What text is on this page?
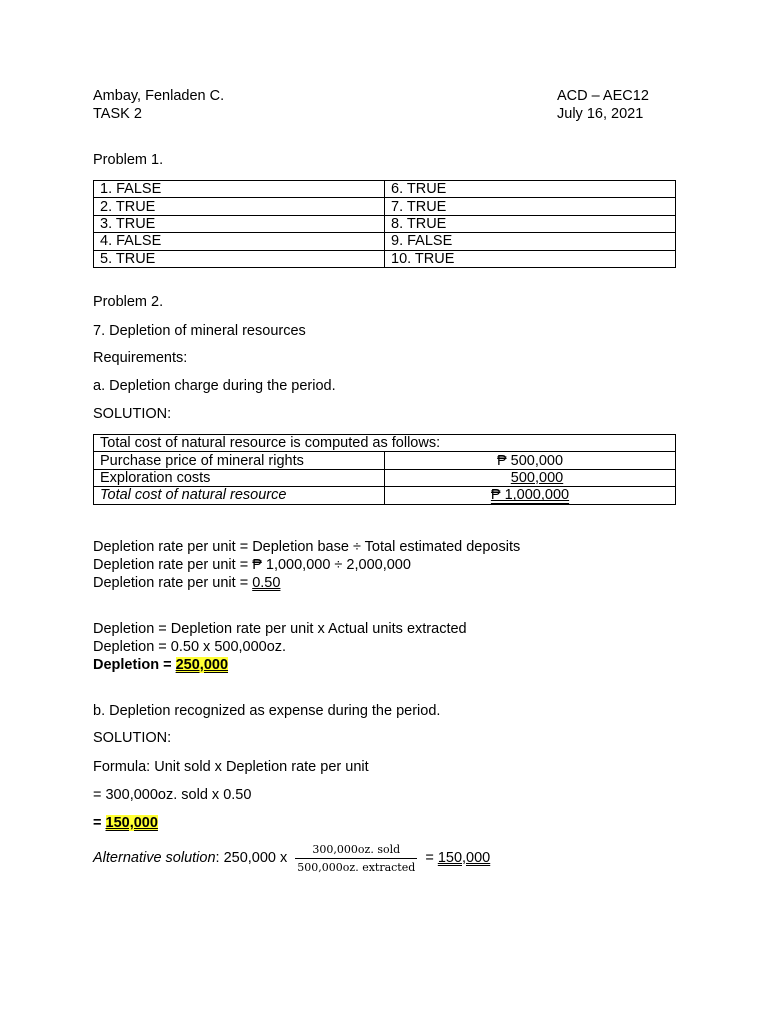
Ambay, Fenladen C.
TASK 2
ACD – AEC12
July 16, 2021
Problem 1.
1. FALSE	6. TRUE
2. TRUE	7. TRUE
3. TRUE	8. TRUE
4. FALSE	9. FALSE
5. TRUE	10. TRUE
Problem 2.
7. Depletion of mineral resources
Requirements:
a. Depletion charge during the period.
SOLUTION:
Total cost of natural resource is computed as follows:	
Purchase price of mineral rights	₱ 500,000
Exploration costs	500,000
Total cost of natural resource	₱ 1,000,000
Depletion rate per unit = Depletion base ÷ Total estimated deposits
Depletion rate per unit = ₱ 1,000,000 ÷ 2,000,000
Depletion rate per unit = 0.50
Depletion = Depletion rate per unit x Actual units extracted
Depletion = 0.50 x 500,000oz.
Depletion = 250,000
b. Depletion recognized as expense during the period.
SOLUTION:
Formula: Unit sold x Depletion rate per unit
= 300,000oz. sold x 0.50
= 150,000
Alternative solution: 250,000 x $\frac{\text{300,000oz. sold}}{\text{500,000oz. extracted}} = 150,000$
